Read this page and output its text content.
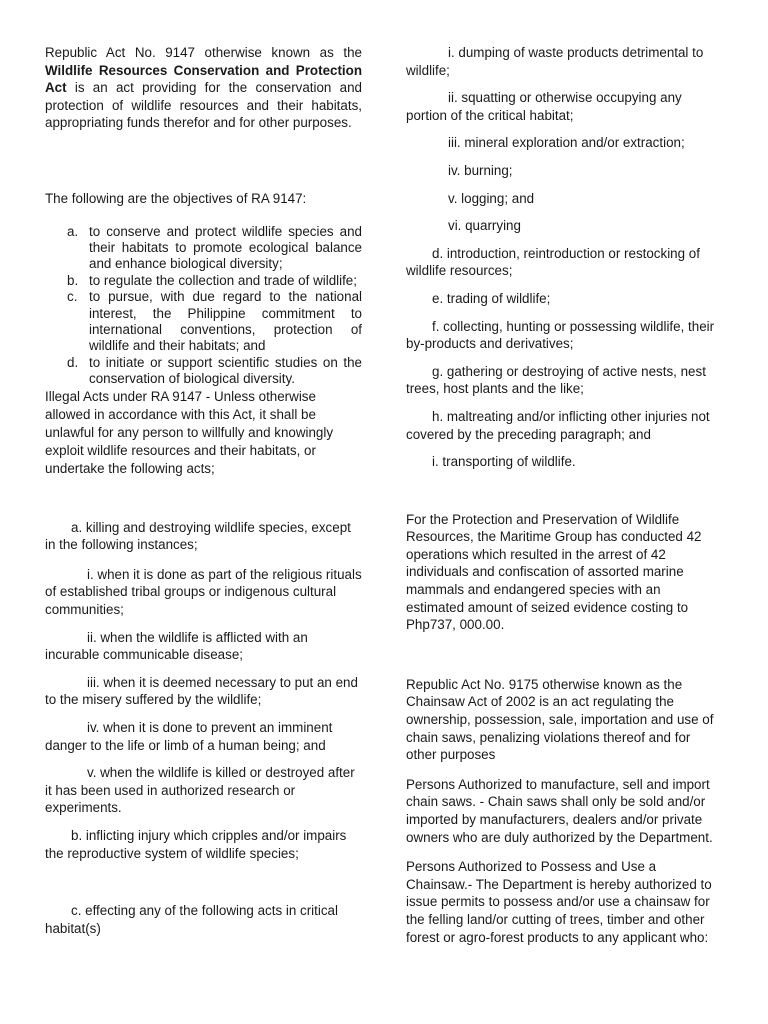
Republic Act No. 9147 otherwise known as the Wildlife Resources Conservation and Protection Act is an act providing for the conservation and protection of wildlife resources and their habitats, appropriating funds therefor and for other purposes.

The following are the objectives of RA 9147:

a. to conserve and protect wildlife species and their habitats to promote ecological balance and enhance biological diversity;
b. to regulate the collection and trade of wildlife;
c. to pursue, with due regard to the national interest, the Philippine commitment to international conventions, protection of wildlife and their habitats; and
d. to initiate or support scientific studies on the conservation of biological diversity.

Illegal Acts under RA 9147 - Unless otherwise allowed in accordance with this Act, it shall be unlawful for any person to willfully and knowingly exploit wildlife resources and their habitats, or undertake the following acts;

a. killing and destroying wildlife species, except in the following instances;

i. when it is done as part of the religious rituals of established tribal groups or indigenous cultural communities;

ii. when the wildlife is afflicted with an incurable communicable disease;

iii. when it is deemed necessary to put an end to the misery suffered by the wildlife;

iv. when it is done to prevent an imminent danger to the life or limb of a human being; and

v. when the wildlife is killed or destroyed after it has been used in authorized research or experiments.

b. inflicting injury which cripples and/or impairs the reproductive system of wildlife species;

c. effecting any of the following acts in critical habitat(s)

i. dumping of waste products detrimental to wildlife;

ii. squatting or otherwise occupying any portion of the critical habitat;

iii. mineral exploration and/or extraction;

iv. burning;

v. logging; and

vi. quarrying

d. introduction, reintroduction or restocking of wildlife resources;

e. trading of wildlife;

f. collecting, hunting or possessing wildlife, their by-products and derivatives;

g. gathering or destroying of active nests, nest trees, host plants and the like;

h. maltreating and/or inflicting other injuries not covered by the preceding paragraph; and

i. transporting of wildlife.

For the Protection and Preservation of Wildlife Resources, the Maritime Group has conducted 42 operations which resulted in the arrest of 42 individuals and confiscation of assorted marine mammals and endangered species with an estimated amount of seized evidence costing to Php737, 000.00.

Republic Act No. 9175 otherwise known as the Chainsaw Act of 2002 is an act regulating the ownership, possession, sale, importation and use of chain saws, penalizing violations thereof and for other purposes

Persons Authorized to manufacture, sell and import chain saws. - Chain saws shall only be sold and/or imported by manufacturers, dealers and/or private owners who are duly authorized by the Department.

Persons Authorized to Possess and Use a Chainsaw.- The Department is hereby authorized to issue permits to possess and/or use a chainsaw for the felling land/or cutting of trees, timber and other forest or agro-forest products to any applicant who:
